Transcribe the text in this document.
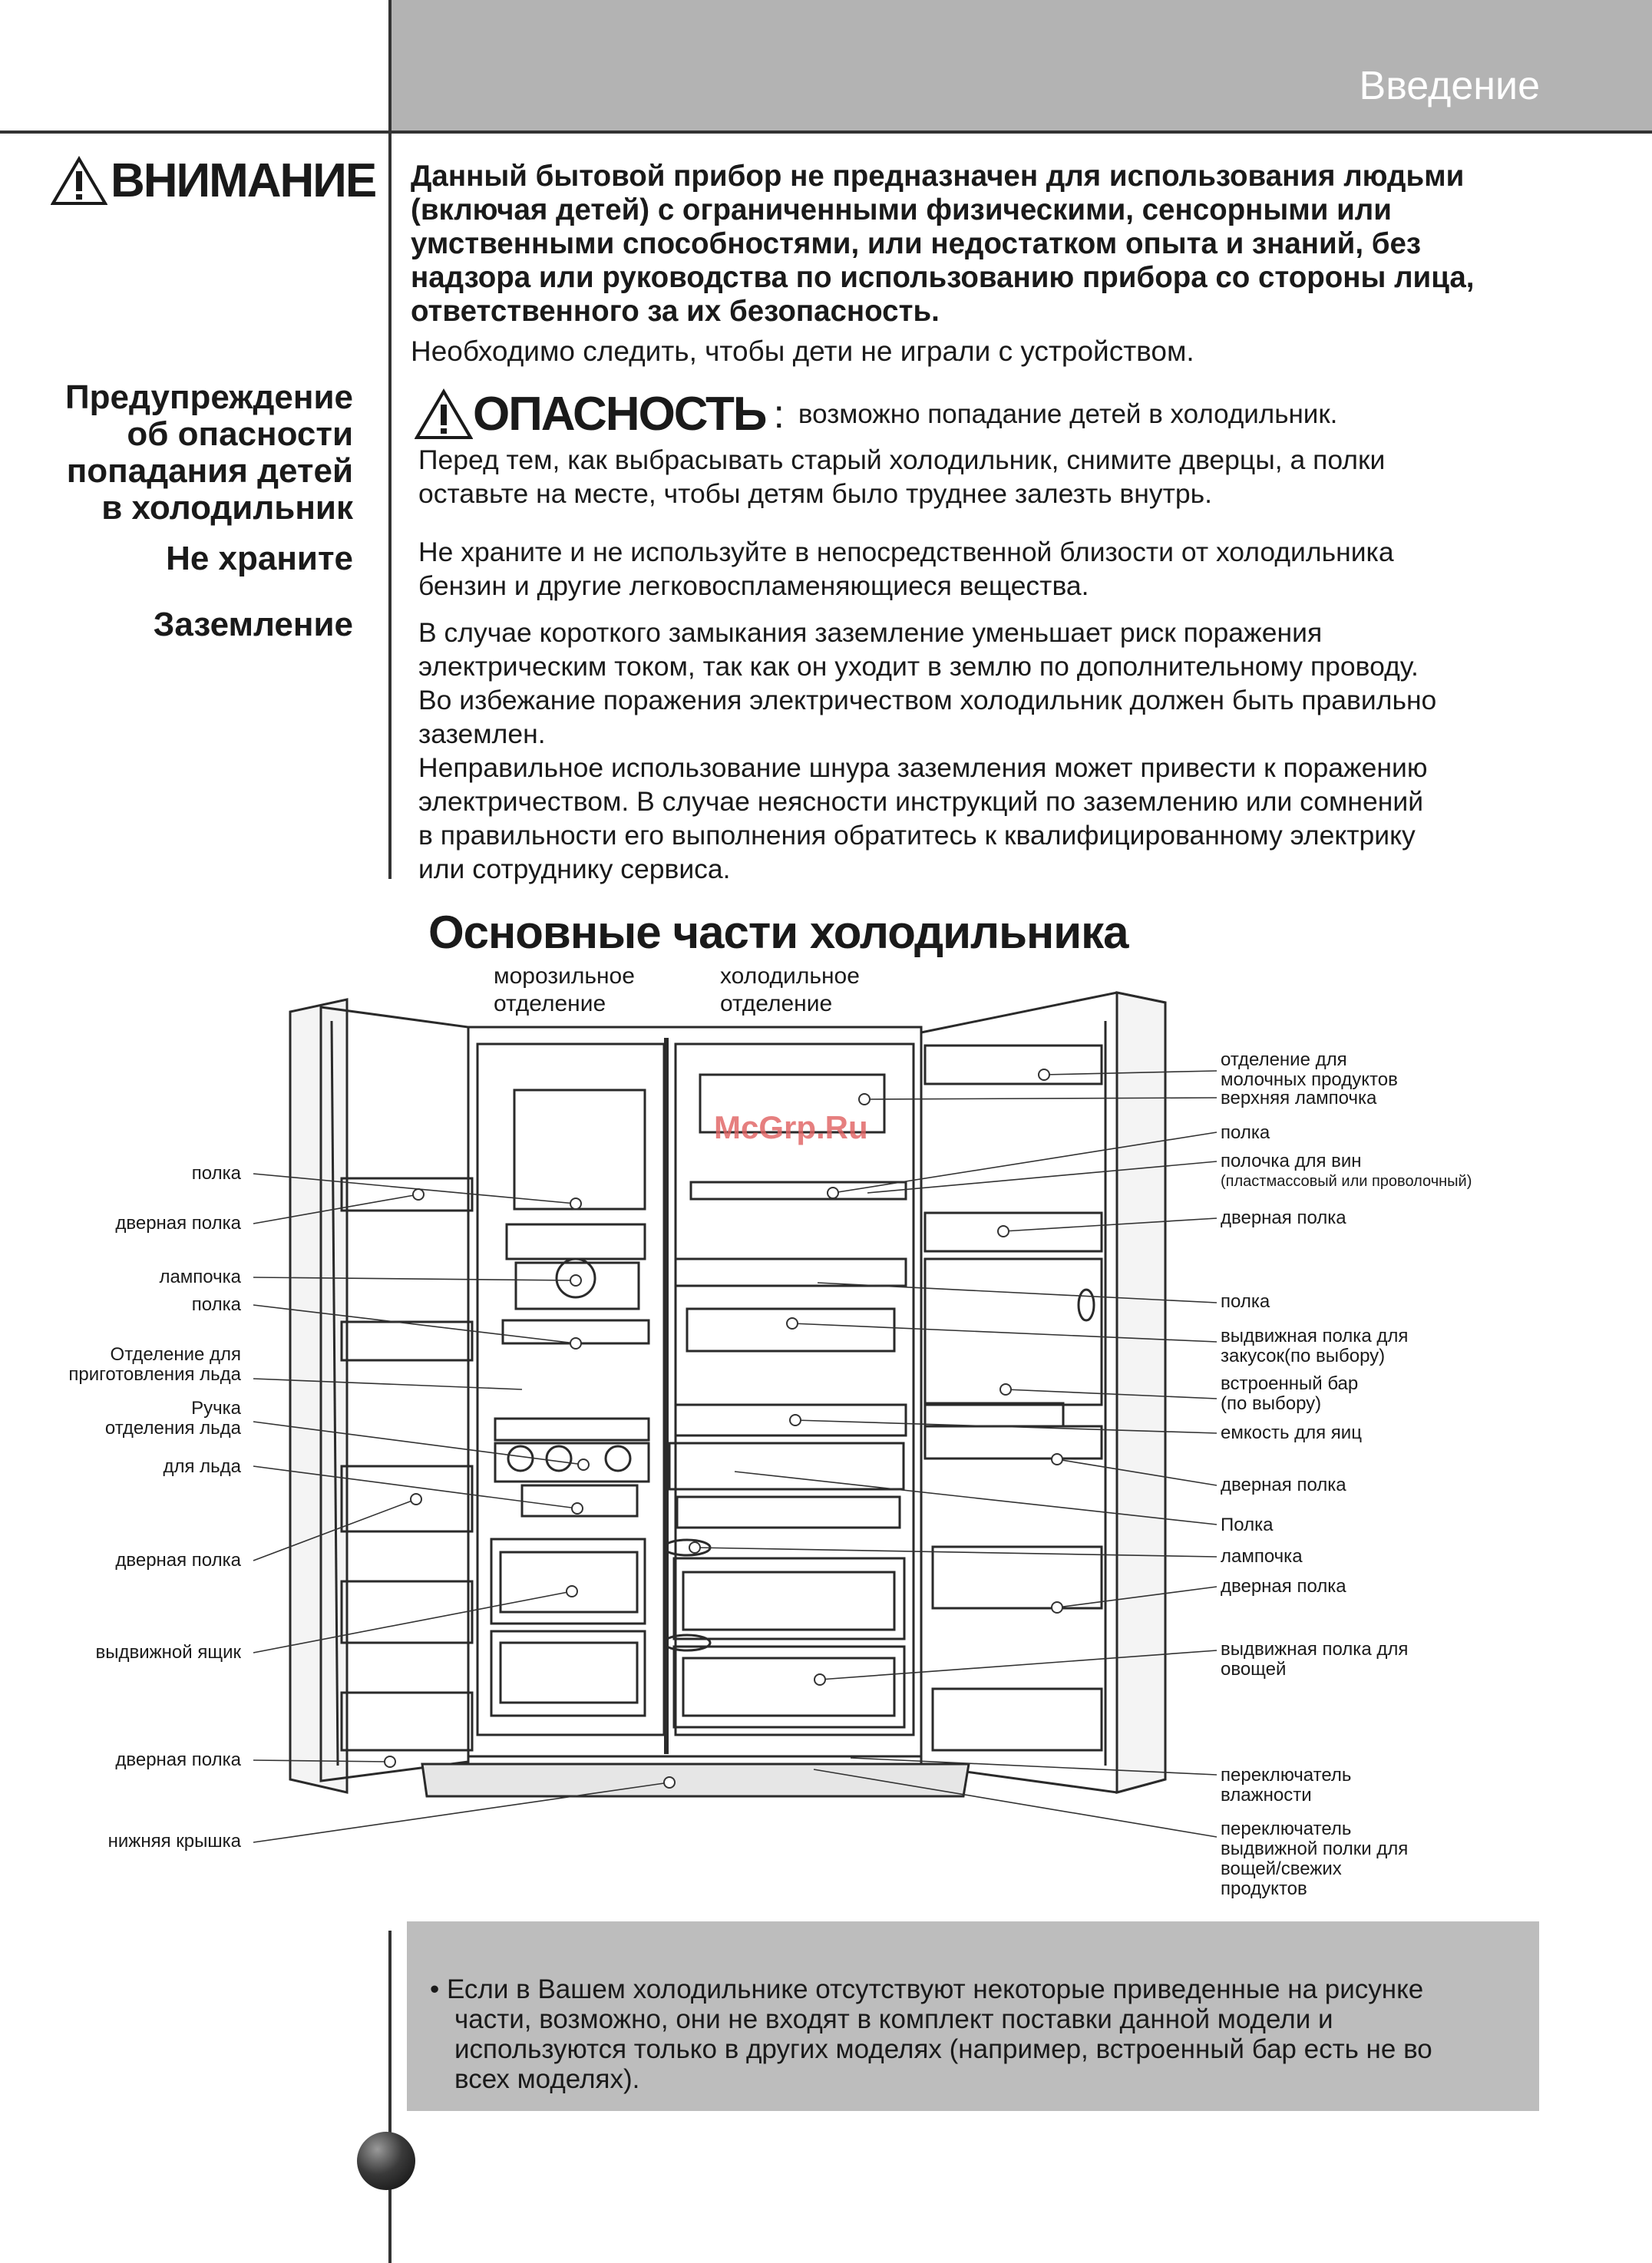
Введение
ВНИМАНИЕ Данный бытовой прибор не предназначен для использования людьми
(включая детей) с ограниченными физическими, сенсорными или
умственными способностями, или недостатком опыта и знаний, без
надзора или руководства по использованию прибора со стороны лица,
ответственного за их безопасность.
Необходимо следить, чтобы дети не играли с устройством.
Предупреждение
об опасности
попадания детей
в холодильник
Не храните
Заземление
ОПАСНОСТЬ : возможно попадание детей в холодильник.
Перед тем, как выбрасывать старый холодильник, снимите дверцы, а полки
оставьте на месте, чтобы детям было труднее залезть внутрь.
Не храните и не используйте в непосредственной близости от холодильника
бензин и другие легковоспламеняющиеся вещества.
В случае короткого замыкания заземление уменьшает риск поражения
электрическим током, так как он уходит в землю по дополнительному проводу.
Во избежание поражения электричеством холодильник должен быть правильно
заземлен.
Неправильное использование шнура заземления может привести к поражению
электричеством. В случае неясности инструкций по заземлению или сомнений
в правильности его выполнения обратитесь к квалифицированному электрику
или сотруднику сервиса.
Основные части холодильника
морозильное
отделение
холодильное
отделение
McGrp.Ru
полка
дверная полка
лампочка
полка
Отделение для
приготовления льда
Ручка
отделения льда
для льда
дверная полка
выдвижной ящик
дверная полка
нижняя крышка
отделение для
молочных продуктов
верхняя лампочка
полка
полочка для вин
(пластмассовый или проволочный)
дверная полка
полка
выдвижная полка для
закусок(по выбору)
встроенный бар
(по выбору)
емкость для яиц
дверная полка
Полка
лампочка
дверная полка
выдвижная полка для
овощей
переключатель
влажности
переключатель
выдвижной полки для
вощей/свежих
продуктов
• Если в Вашем холодильнике отсутствуют некоторые приведенные на рисунке
части, возможно, они не входят в комплект поставки данной модели и
используются только в других моделях (например, встроенный бар есть не во
всех моделях).
